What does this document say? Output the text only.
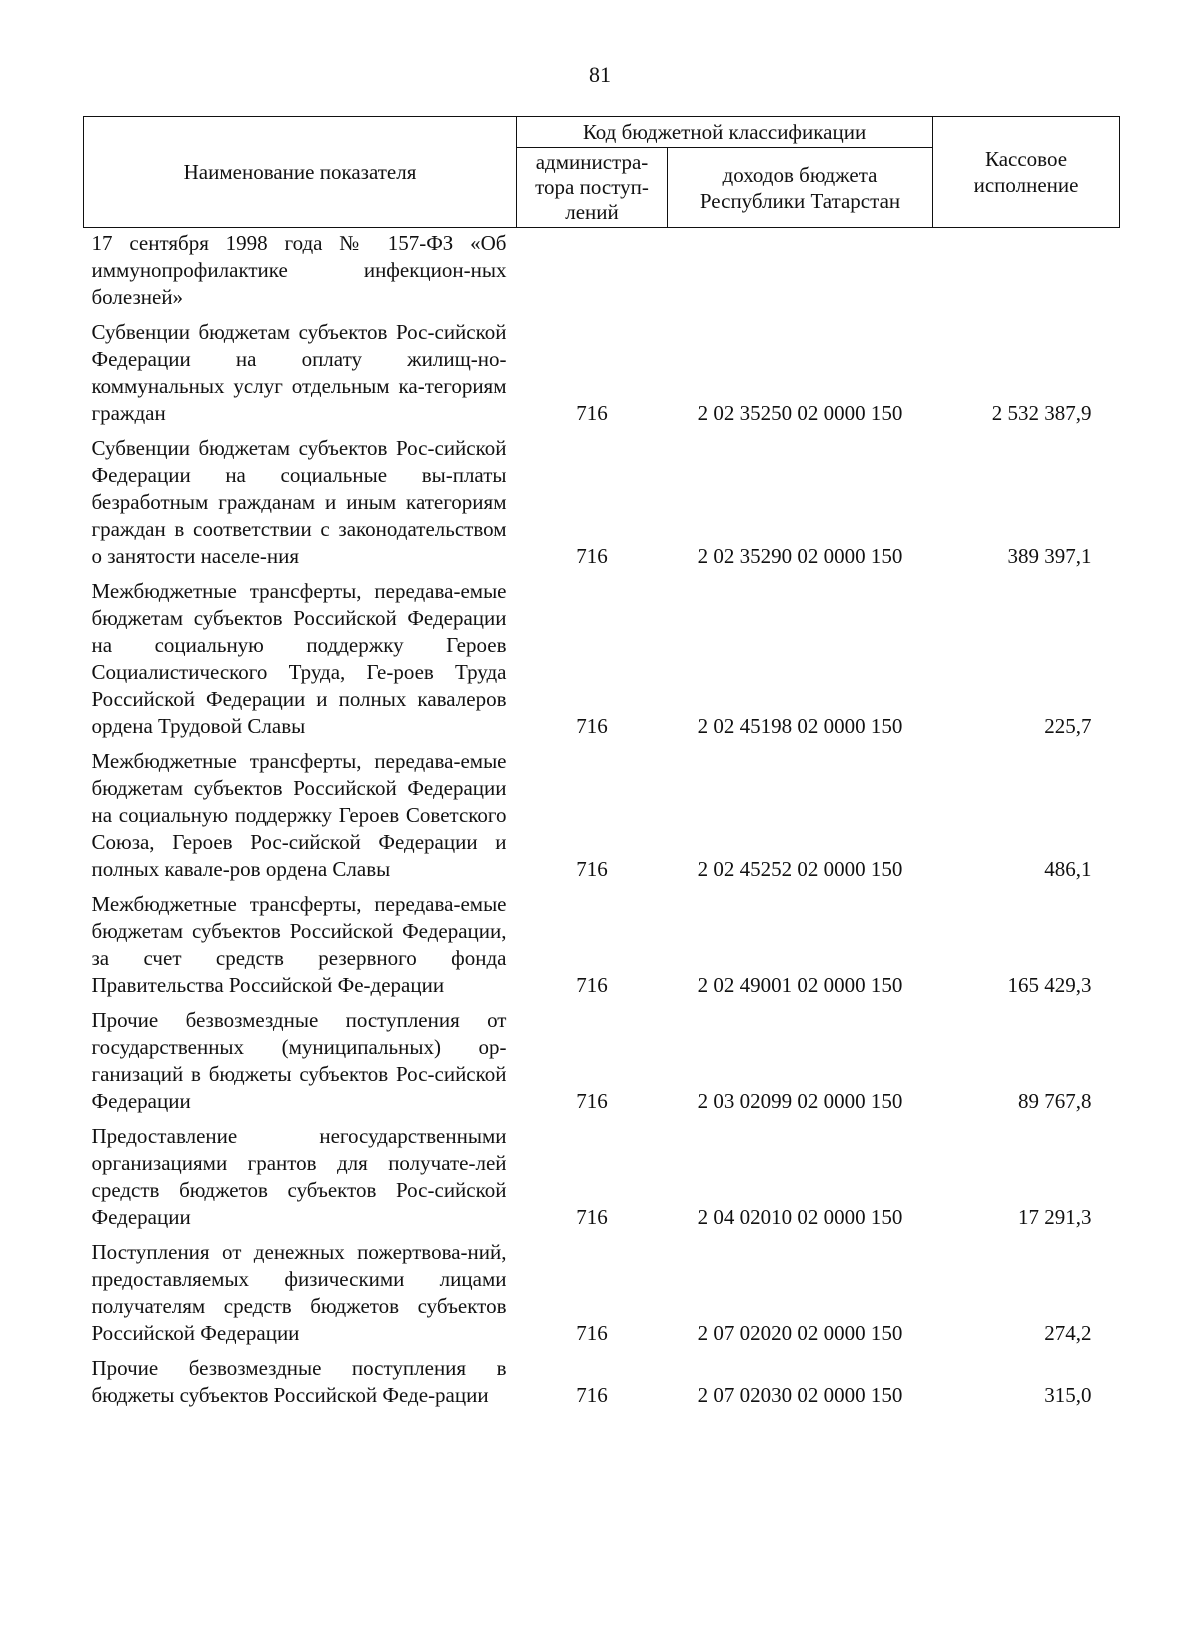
81
Наименование показателя	Код бюджетной классификации		Кассовое исполнение
	администра-тора поступ-лений	доходов бюджета Республики Татарстан	
17 сентября 1998 года № 157-ФЗ «Об иммунопрофилактике инфекцион-ных болезней»			
Субвенции бюджетам субъектов Рос-сийской Федерации на оплату жилищ-но-коммунальных услуг отдельным ка-тегориям граждан	716	2 02 35250 02 0000 150	2 532 387,9
Субвенции бюджетам субъектов Рос-сийской Федерации на социальные вы-платы безработным гражданам и иным категориям граждан в соответствии с законодательством о занятости населе-ния	716	2 02 35290 02 0000 150	389 397,1
Межбюджетные трансферты, передава-емые бюджетам субъектов Российской Федерации на социальную поддержку Героев Социалистического Труда, Ге-роев Труда Российской Федерации и полных кавалеров ордена Трудовой Славы	716	2 02 45198 02 0000 150	225,7
Межбюджетные трансферты, передава-емые бюджетам субъектов Российской Федерации на социальную поддержку Героев Советского Союза, Героев Рос-сийской Федерации и полных кавале-ров ордена Славы	716	2 02 45252 02 0000 150	486,1
Межбюджетные трансферты, передава-емые бюджетам субъектов Российской Федерации, за счет средств резервного фонда Правительства Российской Фе-дерации	716	2 02 49001 02 0000 150	165 429,3
Прочие безвозмездные поступления от государственных (муниципальных) ор-ганизаций в бюджеты субъектов Рос-сийской Федерации	716	2 03 02099 02 0000 150	89 767,8
Предоставление негосударственными организациями грантов для получате-лей средств бюджетов субъектов Рос-сийской Федерации	716	2 04 02010 02 0000 150	17 291,3
Поступления от денежных пожертвова-ний, предоставляемых физическими лицами получателям средств бюджетов субъектов Российской Федерации	716	2 07 02020 02 0000 150	274,2
Прочие безвозмездные поступления в бюджеты субъектов Российской Феде-рации	716	2 07 02030 02 0000 150	315,0
